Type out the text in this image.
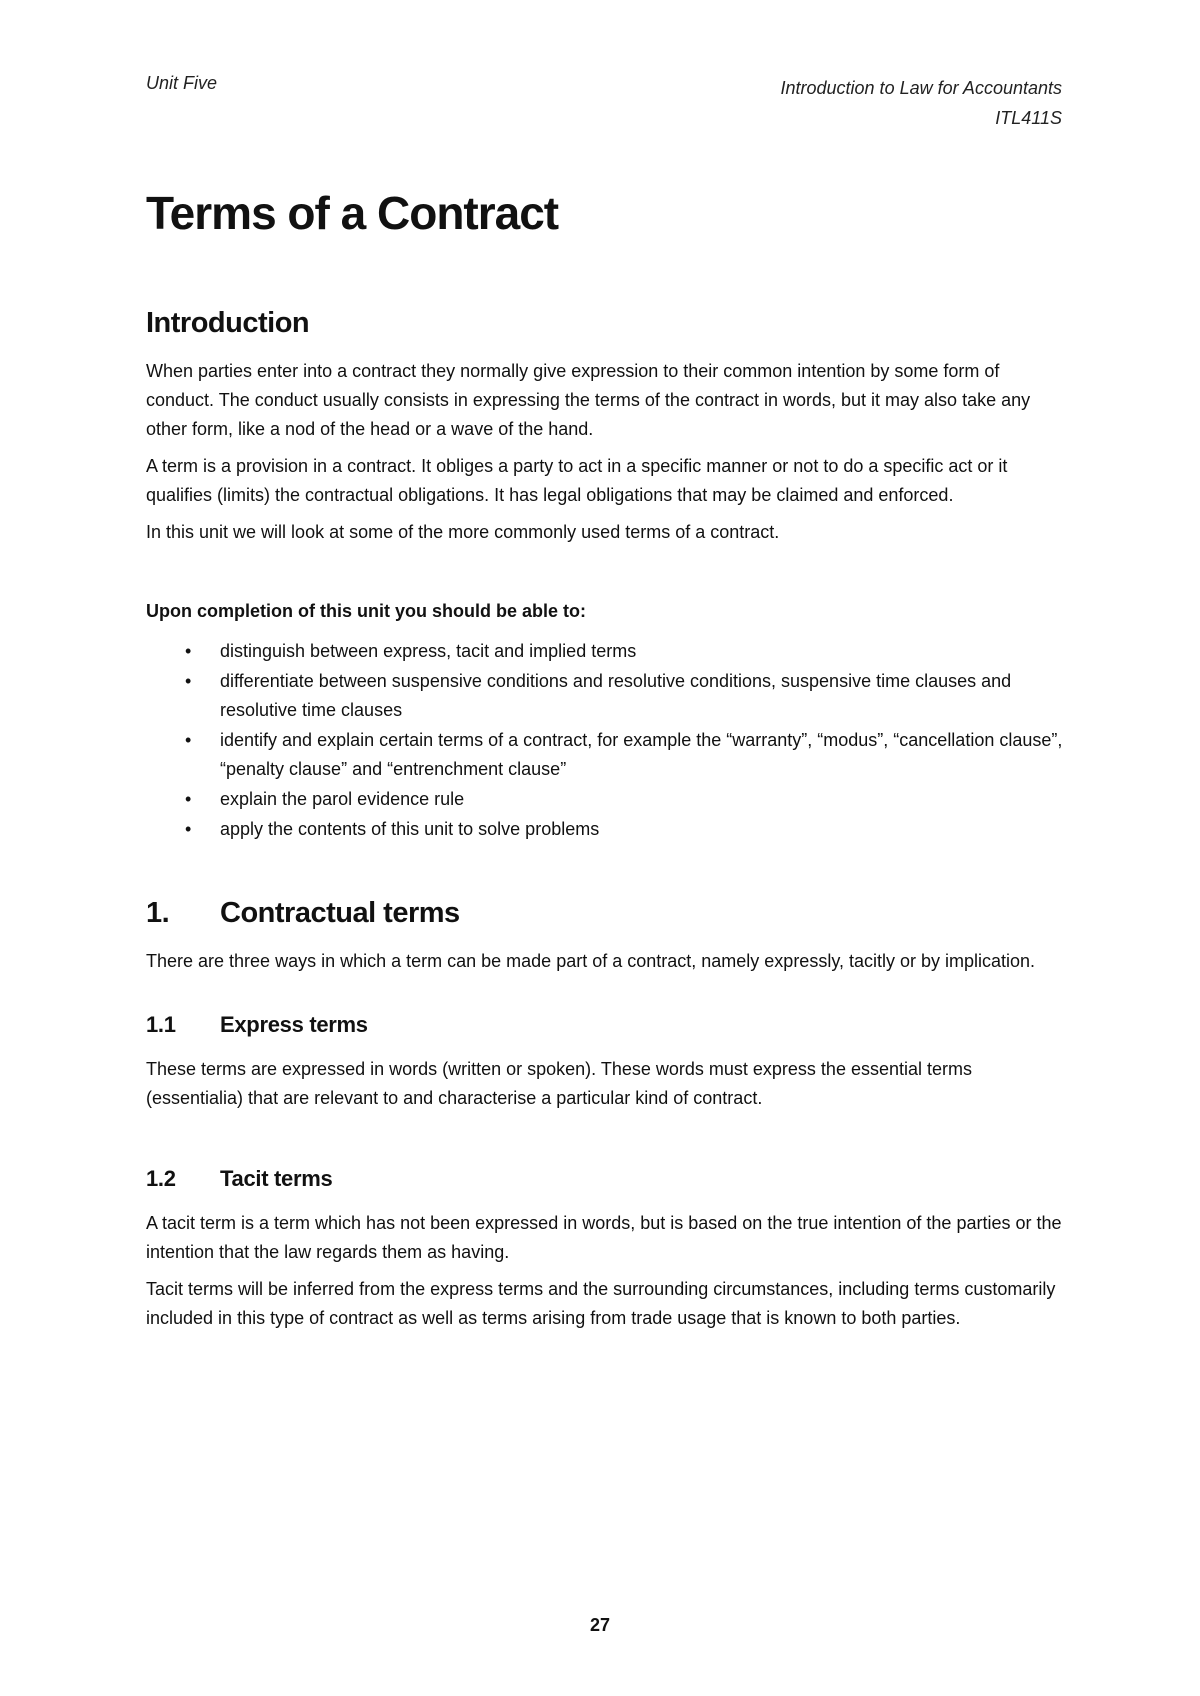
Unit Five	Introduction to Law for Accountants
ITL411S
Terms of a Contract
Introduction

When parties enter into a contract they normally give expression to their common intention by some form of conduct. The conduct usually consists in expressing the terms of the contract in words, but it may also take any other form, like a nod of the head or a wave of the hand.

A term is a provision in a contract. It obliges a party to act in a specific manner or not to do a specific act or it qualifies (limits) the contractual obligations. It has legal obligations that may be claimed and enforced.

In this unit we will look at some of the more commonly used terms of a contract.

Upon completion of this unit you should be able to:

• distinguish between express, tacit and implied terms
• differentiate between suspensive conditions and resolutive conditions, suspensive time clauses and resolutive time clauses
• identify and explain certain terms of a contract, for example the “warranty”, “modus”, “cancellation clause”, “penalty clause” and “entrenchment clause”
• explain the parol evidence rule
• apply the contents of this unit to solve problems
1.	Contractual terms

There are three ways in which a term can be made part of a contract, namely expressly, tacitly or by implication.

1.1	Express terms

These terms are expressed in words (written or spoken). These words must express the essential terms (essentialia) that are relevant to and characterise a particular kind of contract.

1.2	Tacit terms

A tacit term is a term which has not been expressed in words, but is based on the true intention of the parties or the intention that the law regards them as having.

Tacit terms will be inferred from the express terms and the surrounding circumstances, including terms customarily included in this type of contract as well as terms arising from trade usage that is known to both parties.

27
